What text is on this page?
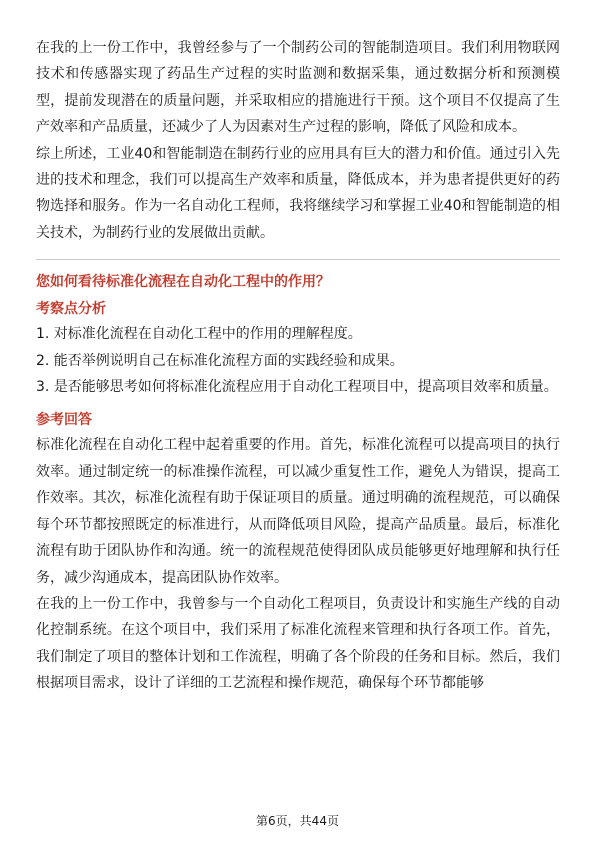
在我的上一份工作中，我曾经参与了一个制药公司的智能制造项目。我们利用物联网技术和传感器实现了药品生产过程的实时监测和数据采集，通过数据分析和预测模型，提前发现潜在的质量问题，并采取相应的措施进行干预。这个项目不仅提高了生产效率和产品质量，还减少了人为因素对生产过程的影响，降低了风险和成本。

综上所述，工业40和智能制造在制药行业的应用具有巨大的潜力和价值。通过引入先进的技术和理念，我们可以提高生产效率和质量，降低成本，并为患者提供更好的药物选择和服务。作为一名自动化工程师，我将继续学习和掌握工业40和智能制造的相关技术，为制药行业的发展做出贡献。

您如何看待标准化流程在自动化工程中的作用？

考察点分析

1. 对标准化流程在自动化工程中的作用的理解程度。

2. 能否举例说明自己在标准化流程方面的实践经验和成果。

3. 是否能够思考如何将标准化流程应用于自动化工程项目中，提高项目效率和质量。

参考回答

标准化流程在自动化工程中起着重要的作用。首先，标准化流程可以提高项目的执行效率。通过制定统一的标准操作流程，可以减少重复性工作，避免人为错误，提高工作效率。其次，标准化流程有助于保证项目的质量。通过明确的流程规范，可以确保每个环节都按照既定的标准进行，从而降低项目风险，提高产品质量。最后，标准化流程有助于团队协作和沟通。统一的流程规范使得团队成员能够更好地理解和执行任务，减少沟通成本，提高团队协作效率。

在我的上一份工作中，我曾参与一个自动化工程项目，负责设计和实施生产线的自动化控制系统。在这个项目中，我们采用了标准化流程来管理和执行各项工作。首先，我们制定了项目的整体计划和工作流程，明确了各个阶段的任务和目标。然后，我们根据项目需求，设计了详细的工艺流程和操作规范，确保每个环节都能够

第6页，共44页
